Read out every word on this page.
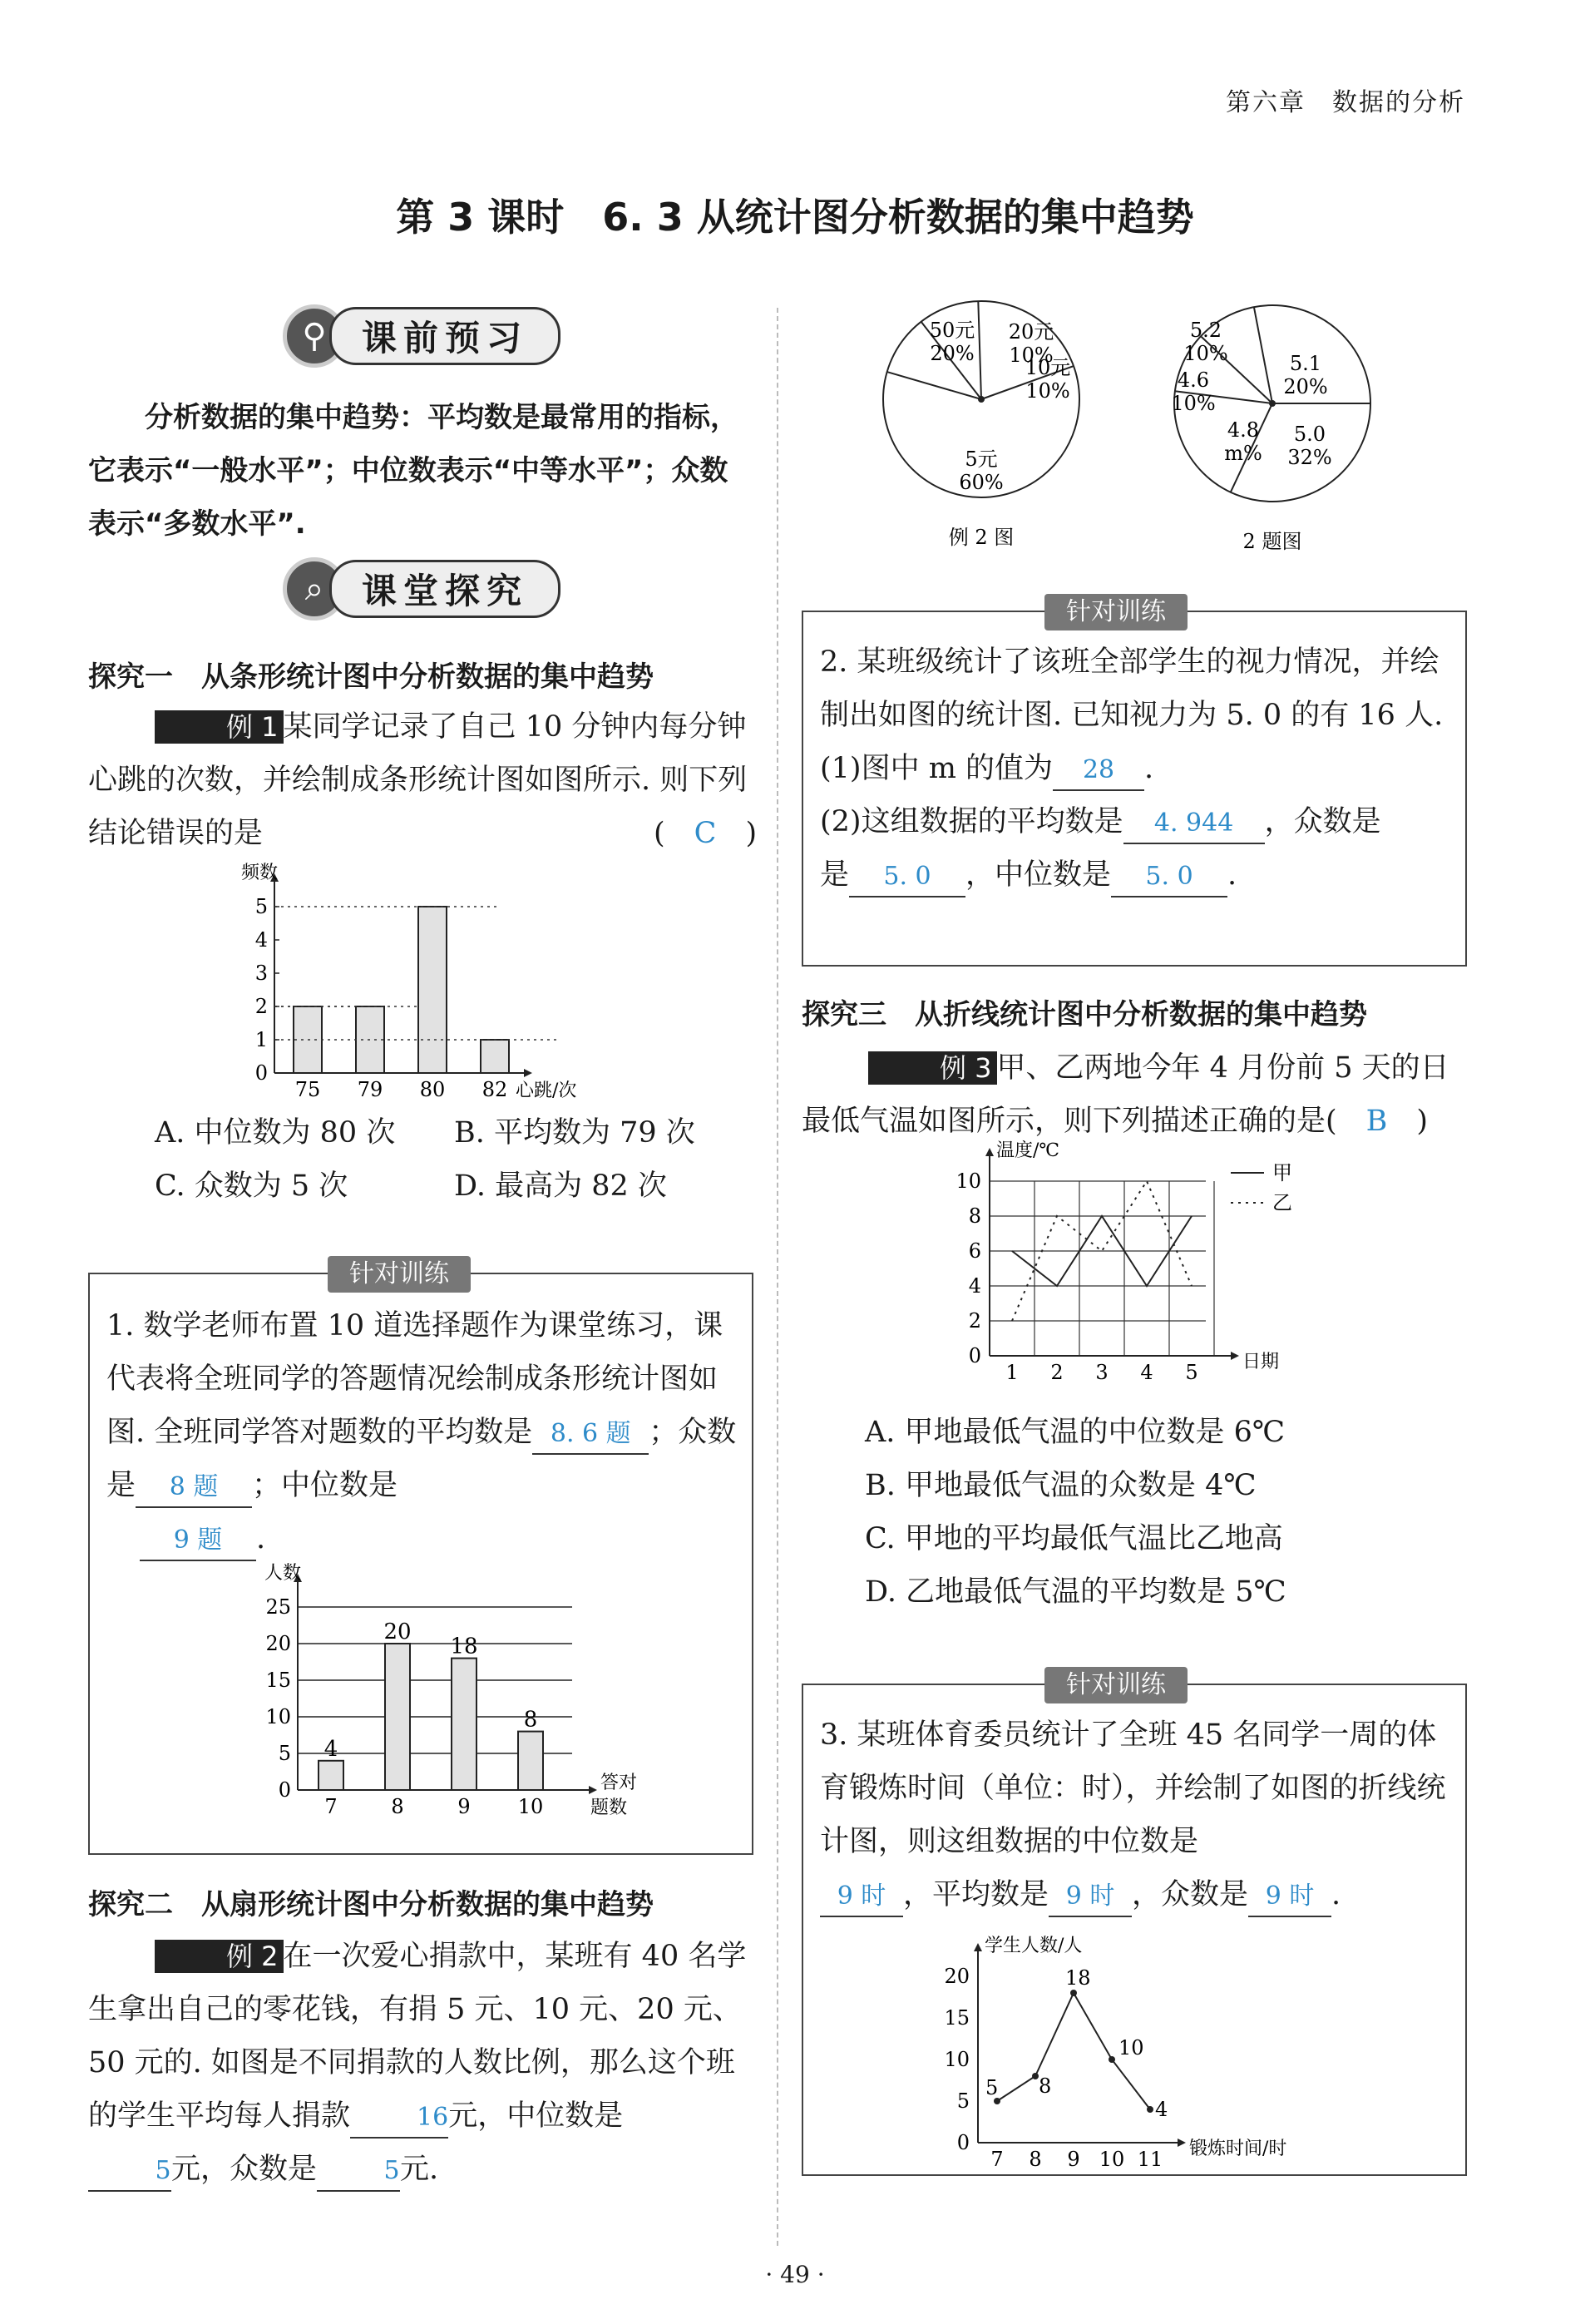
第六章　数据的分析
第 3 课时　6. 3 从统计图分析数据的集中趋势
⚲	课前预习
分析数据的集中趋势：平均数是最常用的指标，它表示“一般水平”；中位数表示“中等水平”；众数表示“多数水平”.
⌕	课堂探究
探究一　从条形统计图中分析数据的集中趋势
例 1 某同学记录了自己 10 分钟内每分钟心跳的次数，并绘制成条形统计图如图所示. 则下列结论错误的是	(　C　)
0
1
2
3
4
5
75 79 80 82
频数
心跳/次
A. 中位数为 80 次 B. 平均数为 79 次
C. 众数为 5 次	D. 最高为 82 次
针对训练
1. 数学老师布置 10 道选择题作为课堂练习，课代表将全班同学的答题情况绘制成条形统计图如图. 全班同学答对题数的平均数是 8. 6 题 ；众数是 8 题 ；中位数是
9 题 .
0
5
10
15
20
25
7
4
8
20
9
18
10
8
人数
答对
题数
探究二　从扇形统计图中分析数据的集中趋势
例 2 在一次爱心捐款中，某班有 40 名学生拿出自己的零花钱，有捐 5 元、10 元、20 元、50 元的. 如图是不同捐款的人数比例，那么这个班的学生平均每人捐款	16元，中位数是
5元，众数是	5元.
5元
60%
10元
10%
20元
10%
50元
20%
例 2 图
5.0
32%
5.1
20%
5.2
10%
4.6
10%
4.8
m%
2 题图
针对训练
2. 某班级统计了该班全部学生的视力情况，并绘制出如图的统计图. 已知视力为 5. 0 的有 16 人.
(1)图中 m 的值为 28 .
(2)这组数据的平均数是 4. 944 ，众数是
是 5. 0 ，中位数是 5. 0 .
探究三　从折线统计图中分析数据的集中趋势
例 3 甲、乙两地今年 4 月份前 5 天的日最低气温如图所示，则下列描述正确的是(　B　)
0
2
4
6
8
10
1 2 3 4 5
温度/℃
日期
甲
乙
A. 甲地最低气温的中位数是 6℃
B. 甲地最低气温的众数是 4℃
C. 甲地的平均最低气温比乙地高
D. 乙地最低气温的平均数是 5℃
针对训练
3. 某班体育委员统计了全班 45 名同学一周的体育锻炼时间（单位：时），并绘制了如图的折线统计图，则这组数据的中位数是
9 时 ，平均数是 9 时 ，众数是 9 时 .
0
5
10
15
20
7 8 9 10 11
5 8
18
10
4
学生人数/人
锻炼时间/时
· 49 ·
